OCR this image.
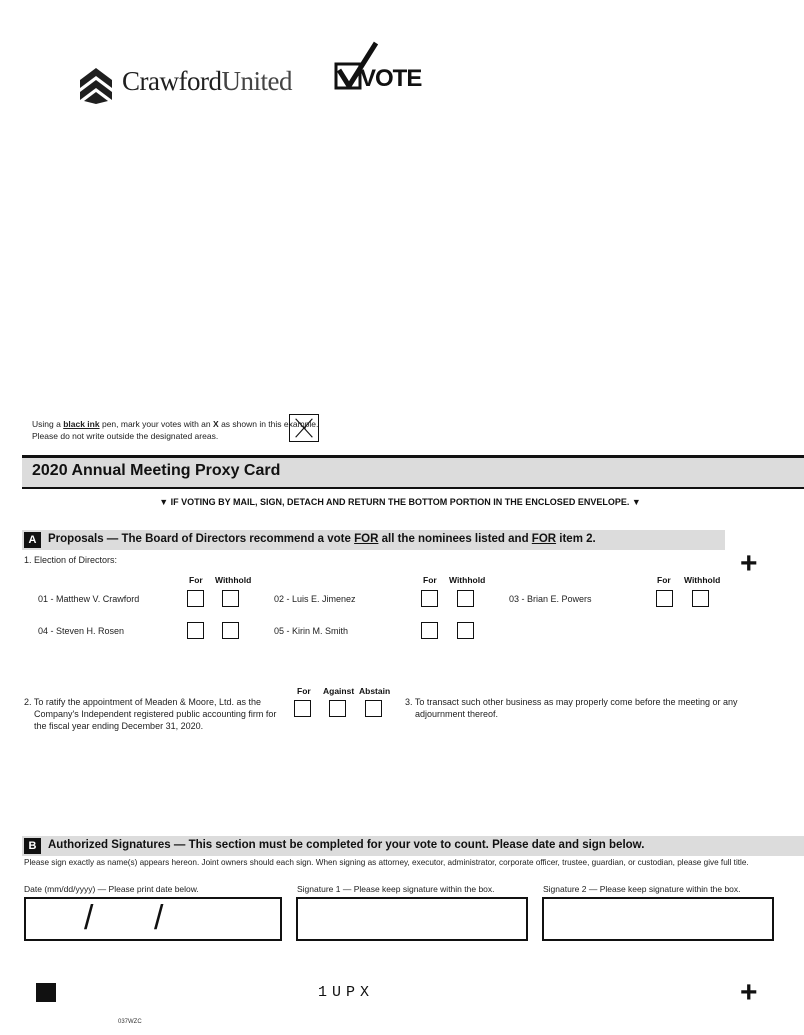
CrawfordUnited	VOTE
Using a black ink pen, mark your votes with an X as shown in this example.
Please do not write outside the designated areas.
2020 Annual Meeting Proxy Card
▼ IF VOTING BY MAIL, SIGN, DETACH AND RETURN THE BOTTOM PORTION IN THE ENCLOSED ENVELOPE. ▼
A	Proposals — The Board of Directors recommend a vote FOR all the nominees listed and FOR item 2.
+
1. Election of Directors:
For Withhold	For Withhold	For Withhold
01 - Matthew V. Crawford	02 - Luis E. Jimenez	03 - Brian E. Powers
04 - Steven H. Rosen	05 - Kirin M. Smith
2. To ratify the appointment of Meaden & Moore, Ltd. as the Company's Independent registered public accounting firm for the fiscal year ending December 31, 2020.
For Against Abstain
3. To transact such other business as may properly come before the meeting or any adjournment thereof.
B	Authorized Signatures — This section must be completed for your vote to count. Please date and sign below.
Please sign exactly as name(s) appears hereon. Joint owners should each sign. When signing as attorney, executor, administrator, corporate officer, trustee, guardian, or custodian, please give full title.
Date (mm/dd/yyyy) — Please print date below.	Signature 1 — Please keep signature within the box.	Signature 2 — Please keep signature within the box.
/ /
1UPX	+
037WZC
